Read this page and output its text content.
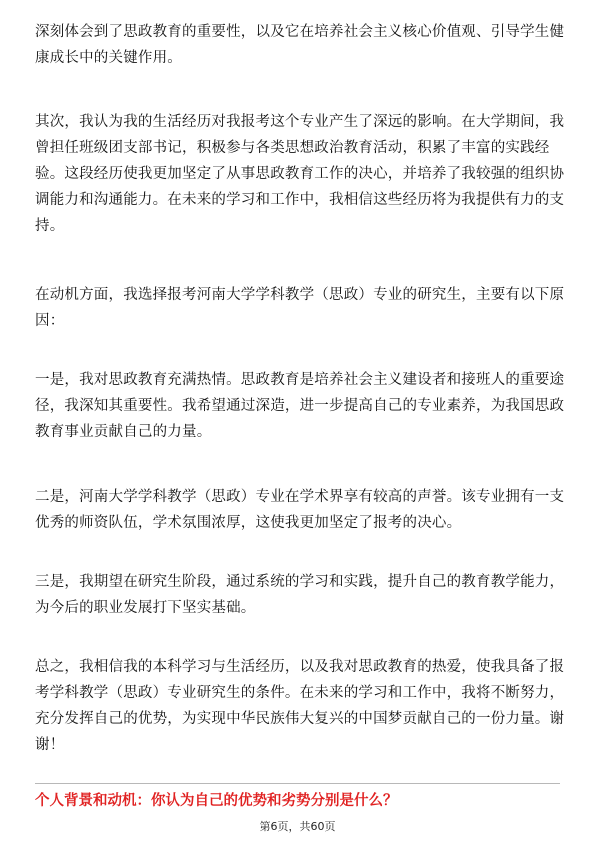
深刻体会到了思政教育的重要性，以及它在培养社会主义核心价值观、引导学生健
康成长中的关键作用。

其次，我认为我的生活经历对我报考这个专业产生了深远的影响。在大学期间，我
曾担任班级团支部书记，积极参与各类思想政治教育活动，积累了丰富的实践经
验。这段经历使我更加坚定了从事思政教育工作的决心，并培养了我较强的组织协
调能力和沟通能力。在未来的学习和工作中，我相信这些经历将为我提供有力的支
持。

在动机方面，我选择报考河南大学学科教学（思政）专业的研究生，主要有以下原
因：

一是，我对思政教育充满热情。思政教育是培养社会主义建设者和接班人的重要途
径，我深知其重要性。我希望通过深造，进一步提高自己的专业素养，为我国思政
教育事业贡献自己的力量。

二是，河南大学学科教学（思政）专业在学术界享有较高的声誉。该专业拥有一支
优秀的师资队伍，学术氛围浓厚，这使我更加坚定了报考的决心。

三是，我期望在研究生阶段，通过系统的学习和实践，提升自己的教育教学能力，
为今后的职业发展打下坚实基础。

总之，我相信我的本科学习与生活经历，以及我对思政教育的热爱，使我具备了报
考学科教学（思政）专业研究生的条件。在未来的学习和工作中，我将不断努力，
充分发挥自己的优势，为实现中华民族伟大复兴的中国梦贡献自己的一份力量。谢
谢！

个人背景和动机：你认为自己的优势和劣势分别是什么？
第6页，共60页
